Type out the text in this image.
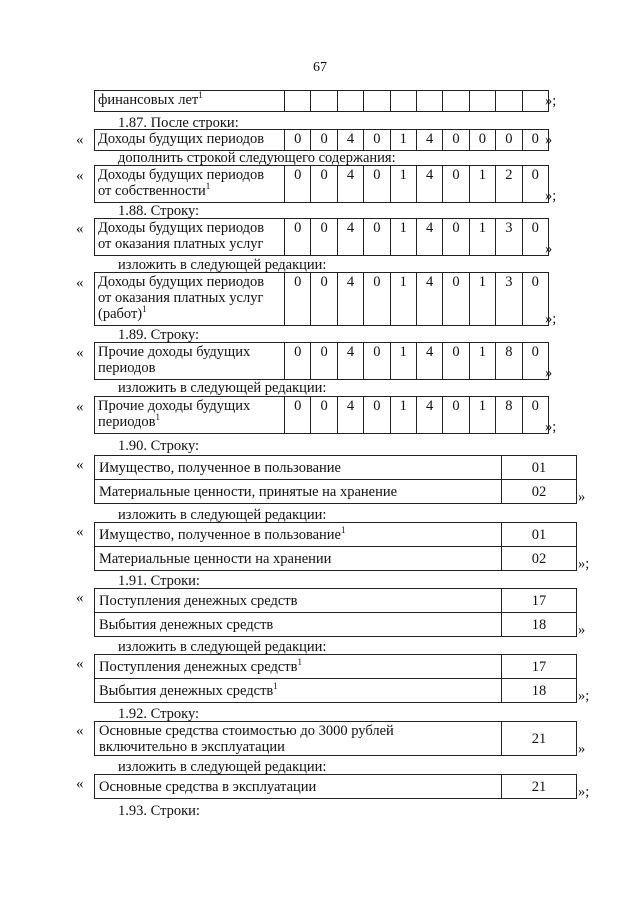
67
финансовых лет$^1$											»;
1.87. После строки:
Доходы будущих периодов	0	0	4	0	1	4	0	0	0	0
«	»
дополнить строкой следующего содержания:
Доходы будущих периодов
от собственности$^1$	0	0	4	0	1	4	0	1	2	0
«
»;
1.88. Строку:
Доходы будущих периодов
от оказания платных услуг	0	0	4	0	1	4	0	1	3	0
«
»
изложить в следующей редакции:
Доходы будущих периодов
от оказания платных услуг
(работ)$^1$	0	0	4	0	1	4	0	1	3	0
«
»;
1.89. Строку:
Прочие доходы будущих
периодов	0	0	4	0	1	4	0	1	8	0
«
»
изложить в следующей редакции:
Прочие доходы будущих
периодов$^1$	0	0	4	0	1	4	0	1	8	0
«
»;
1.90. Строку:
Имущество, полученное в пользование	01
Материальные ценности, принятые на хранение	02
«
»
изложить в следующей редакции:
Имущество, полученное в пользование$^1$	01
Материальные ценности на хранении	02
«
»;
1.91. Строки:
Поступления денежных средств	17
Выбытия денежных средств	18
«
»
изложить в следующей редакции:
Поступления денежных средств$^1$	17
Выбытия денежных средств$^1$	18
«
»;
1.92. Строку:
Основные средства стоимостью до 3000 рублей
включительно в эксплуатации	21
«
»
изложить в следующей редакции:
Основные средства в эксплуатации	21
«	»;
1.93. Строки:
